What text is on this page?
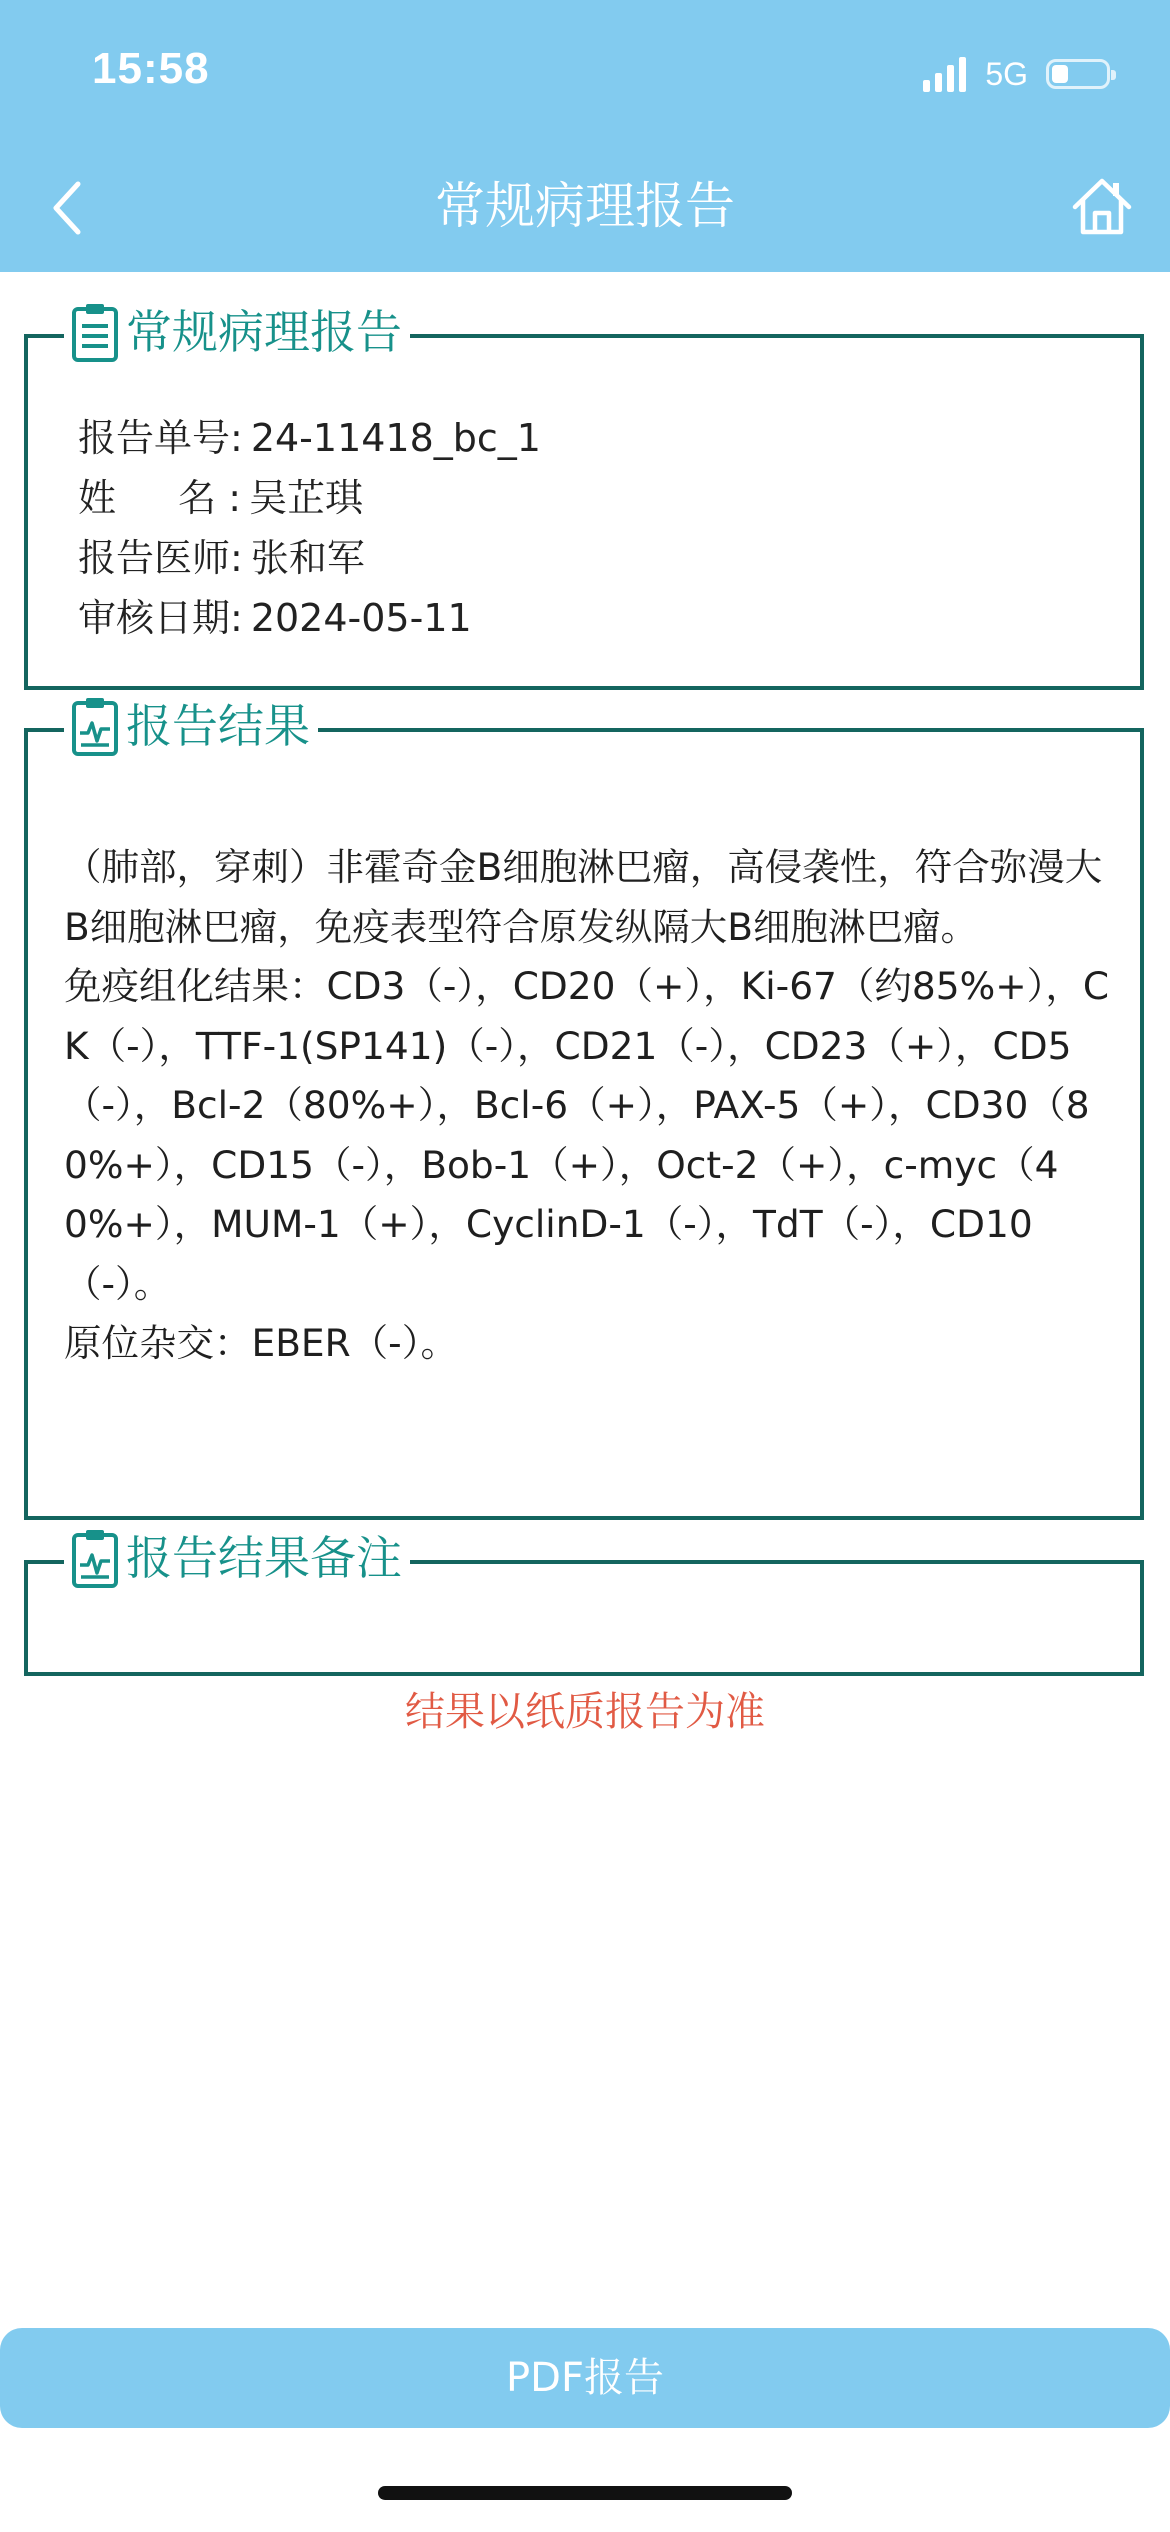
15:58	5G
常规病理报告
常规病理报告
报告单号: 24-11418_bc_1
姓　  名 : 吴芷琪
报告医师: 张和军
审核日期: 2024-05-11
报告结果

（肺部，穿刺）非霍奇金B细胞淋巴瘤，高侵袭性，符合弥漫大B细胞淋巴瘤，免疫表型符合原发纵隔大B细胞淋巴瘤。

免疫组化结果：CD3（-），CD20（+），Ki-67（约85%+），CK（-），TTF-1(SP141)（-），CD21（-），CD23（+），CD5（-），Bcl-2（80%+），Bcl-6（+），PAX-5（+），CD30（80%+），CD15（-），Bob-1（+），Oct-2（+），c-myc（40%+），MUM-1（+），CyclinD-1（-），TdT（-），CD10（-）。

原位杂交：EBER（-）。

报告结果备注
结果以纸质报告为准
PDF报告
